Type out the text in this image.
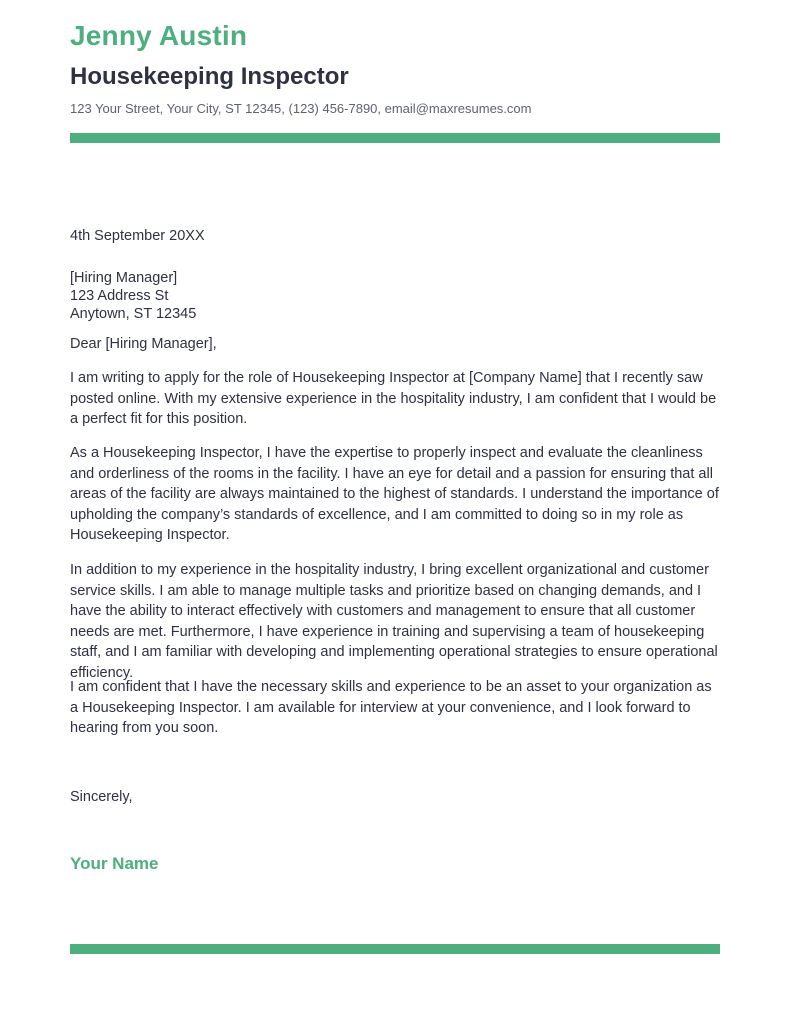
Jenny Austin
Housekeeping Inspector
123 Your Street, Your City, ST 12345, (123) 456-7890, email@maxresumes.com
4th September 20XX
[Hiring Manager]
123 Address St
Anytown, ST 12345
Dear [Hiring Manager],

I am writing to apply for the role of Housekeeping Inspector at [Company Name] that I recently saw posted online. With my extensive experience in the hospitality industry, I am confident that I would be a perfect fit for this position.

As a Housekeeping Inspector, I have the expertise to properly inspect and evaluate the cleanliness and orderliness of the rooms in the facility. I have an eye for detail and a passion for ensuring that all areas of the facility are always maintained to the highest of standards. I understand the importance of upholding the company’s standards of excellence, and I am committed to doing so in my role as Housekeeping Inspector.

In addition to my experience in the hospitality industry, I bring excellent organizational and customer service skills. I am able to manage multiple tasks and prioritize based on changing demands, and I have the ability to interact effectively with customers and management to ensure that all customer needs are met. Furthermore, I have experience in training and supervising a team of housekeeping staff, and I am familiar with developing and implementing operational strategies to ensure operational efficiency.

I am confident that I have the necessary skills and experience to be an asset to your organization as a Housekeeping Inspector. I am available for interview at your convenience, and I look forward to hearing from you soon.

Sincerely,
Your Name
